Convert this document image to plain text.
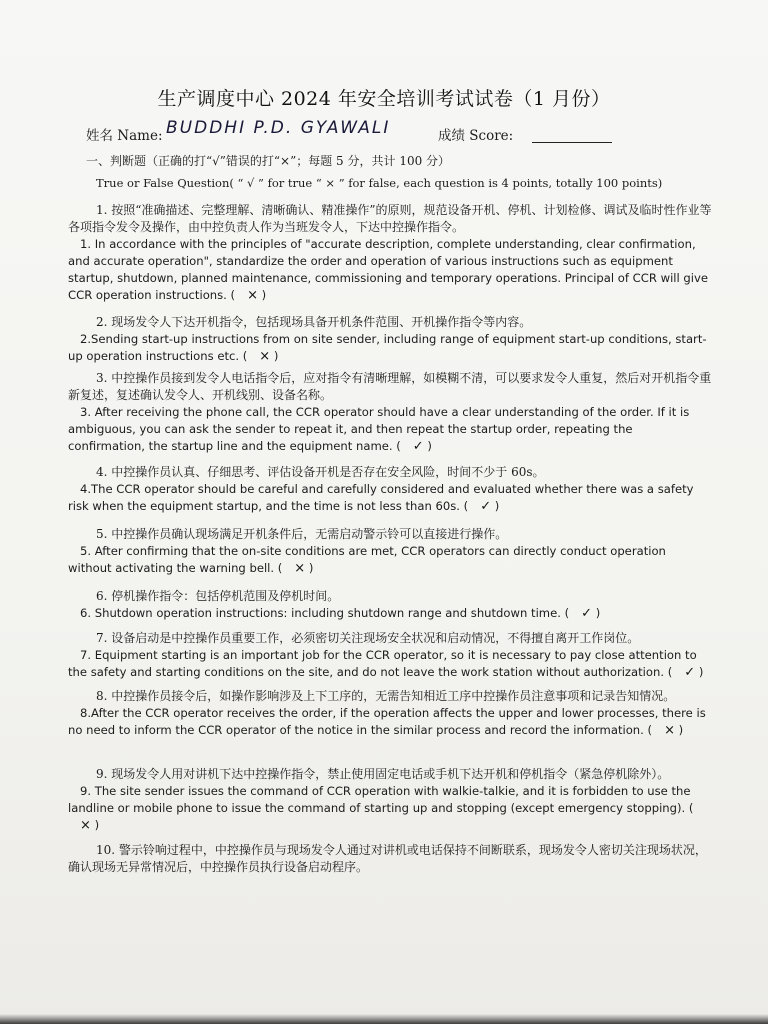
生产调度中心 2024 年安全培训考试试卷（1 月份）
姓名 Name: BUDDHI P.D. GYAWALI	成绩 Score:
一、判断题（正确的打“√”错误的打“×”；每题 5 分，共计 100 分）
True or False Question( “ √ ” for true “ × ” for false, each question is 4 points, totally 100 points)

1. 按照“准确描述、完整理解、清晰确认、精准操作”的原则，规范设备开机、停机、计划检修、调试及临时性作业等各项指令发令及操作，由中控负责人作为当班发令人，下达中控操作指令。

1. In accordance with the principles of "accurate description, complete understanding, clear confirmation, and accurate operation", standardize the order and operation of various instructions such as equipment startup, shutdown, planned maintenance, commissioning and temporary operations. Principal of CCR will give CCR operation instructions. ( × )

2. 现场发令人下达开机指令，包括现场具备开机条件范围、开机操作指令等内容。

2.Sending start-up instructions from on site sender, including range of equipment start-up conditions, start-up operation instructions etc. ( × )

3. 中控操作员接到发令人电话指令后，应对指令有清晰理解，如模糊不清，可以要求发令人重复，然后对开机指令重新复述，复述确认发令人、开机线别、设备名称。

3. After receiving the phone call, the CCR operator should have a clear understanding of the order. If it is ambiguous, you can ask the sender to repeat it, and then repeat the startup order, repeating the confirmation, the startup line and the equipment name. ( ✓ )

4. 中控操作员认真、仔细思考、评估设备开机是否存在安全风险，时间不少于 60s。

4.The CCR operator should be careful and carefully considered and evaluated whether there was a safety risk when the equipment startup, and the time is not less than 60s. ( ✓ )

5. 中控操作员确认现场满足开机条件后，无需启动警示铃可以直接进行操作。

5. After confirming that the on-site conditions are met, CCR operators can directly conduct operation without activating the warning bell. ( × )

6. 停机操作指令：包括停机范围及停机时间。

6. Shutdown operation instructions: including shutdown range and shutdown time. ( ✓ )

7. 设备启动是中控操作员重要工作，必须密切关注现场安全状况和启动情况，不得擅自离开工作岗位。

7. Equipment starting is an important job for the CCR operator, so it is necessary to pay close attention to the safety and starting conditions on the site, and do not leave the work station without authorization. ( ✓ )

8. 中控操作员接令后，如操作影响涉及上下工序的，无需告知相近工序中控操作员注意事项和记录告知情况。

8.After the CCR operator receives the order, if the operation affects the upper and lower processes, there is no need to inform the CCR operator of the notice in the similar process and record the information. ( × )

9. 现场发令人用对讲机下达中控操作指令，禁止使用固定电话或手机下达开机和停机指令（紧急停机除外）。

9. The site sender issues the command of CCR operation with walkie-talkie, and it is forbidden to use the landline or mobile phone to issue the command of starting up and stopping (except emergency stopping). (× )

10. 警示铃响过程中，中控操作员与现场发令人通过对讲机或电话保持不间断联系，现场发令人密切关注现场状况，确认现场无异常情况后，中控操作员执行设备启动程序。
